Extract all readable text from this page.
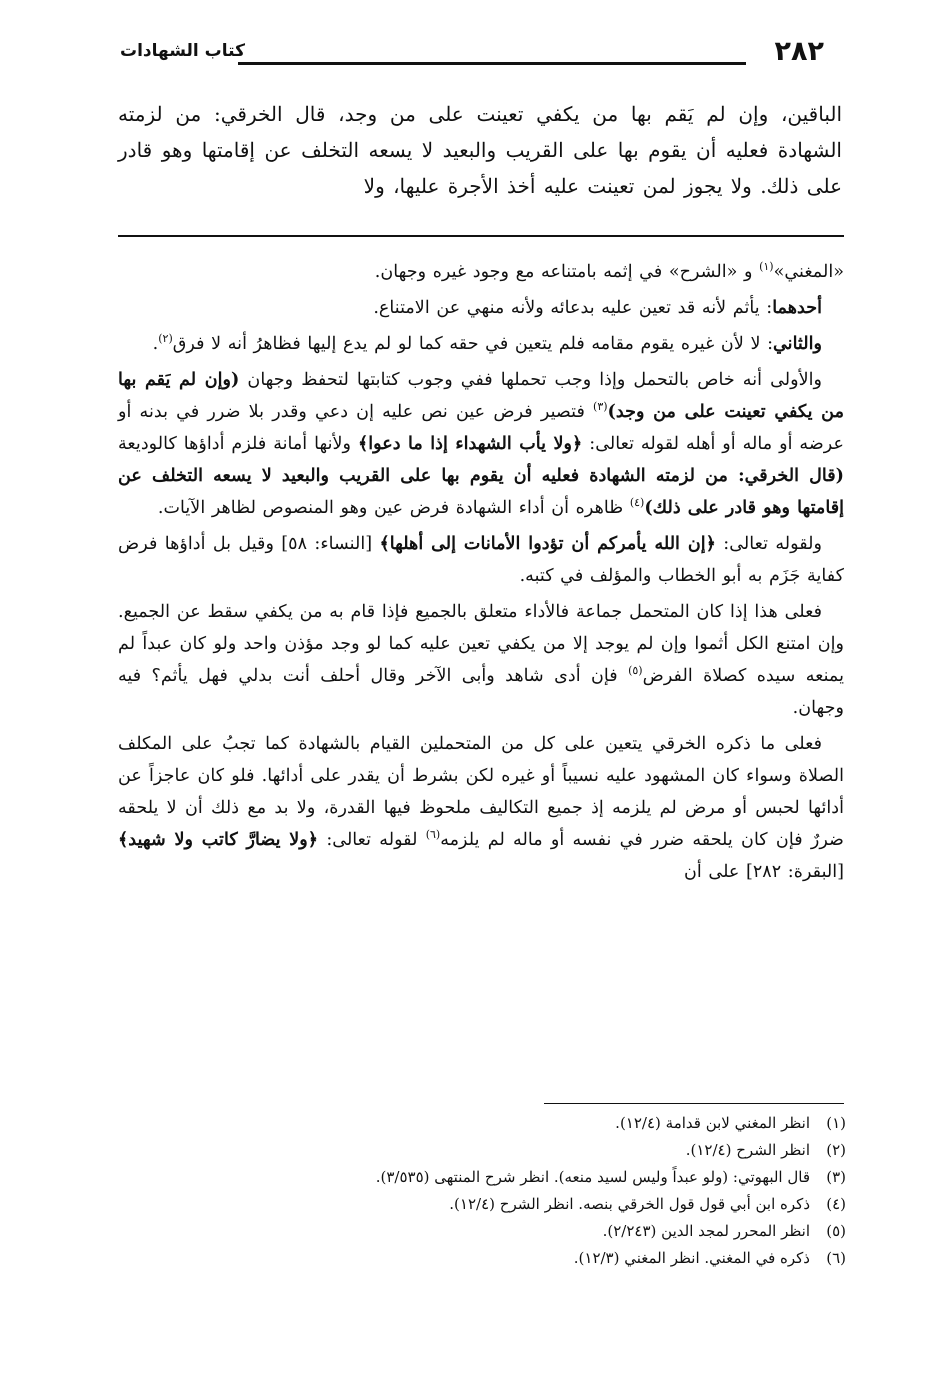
٢٨٢
كتاب الشهادات
الباقين، وإن لم يَقم بها من يكفي تعينت على من وجد، قال الخرقي: من لزمته الشهادة فعليه أن يقوم بها على القريب والبعيد لا يسعه التخلف عن إقامتها وهو قادر على ذلك. ولا يجوز لمن تعينت عليه أخذ الأجرة عليها، ولا

«المغني»$^{(١)}$ و «الشرح» في إثمه بامتناعه مع وجود غيره وجهان.

أحدهما: يأثم لأنه قد تعين عليه بدعائه ولأنه منهي عن الامتناع.

والثاني: لا لأن غيره يقوم مقامه فلم يتعين في حقه كما لو لم يدع إليها فظاهرُ أنه لا فرق$^{(٢)}$.

والأولى أنه خاص بالتحمل وإذا وجب تحملها ففي وجوب كتابتها لتحفظ وجهان (وإن لم يَقم بها من يكفي تعينت على من وجد)$^{(٣)}$ فتصير فرض عين نص عليه إن دعي وقدر بلا ضرر في بدنه أو عرضه أو ماله أو أهله لقوله تعالى: ﴿ولا يأب الشهداء إذا ما دعوا﴾ ولأنها أمانة فلزم أداؤها كالوديعة (قال الخرقي: من لزمته الشهادة فعليه أن يقوم بها على القريب والبعيد لا يسعه التخلف عن إقامتها وهو قادر على ذلك)$^{(٤)}$ ظاهره أن أداء الشهادة فرض عين وهو المنصوص لظاهر الآيات.

ولقوله تعالى: ﴿إن الله يأمركم أن تؤدوا الأمانات إلى أهلها﴾ [النساء: ٥٨] وقيل بل أداؤها فرض كفاية جَزَم به أبو الخطاب والمؤلف في كتبه.

فعلى هذا إذا كان المتحمل جماعة فالأداء متعلق بالجميع فإذا قام به من يكفي سقط عن الجميع. وإن امتنع الكل أثموا وإن لم يوجد إلا من يكفي تعين عليه كما لو وجد مؤذن واحد ولو كان عبداً لم يمنعه سيده كصلاة الفرض$^{(٥)}$ فإن أدى شاهد وأبى الآخر وقال أحلف أنت بدلي فهل يأثم؟ فيه وجهان.

فعلى ما ذكره الخرقي يتعين على كل من المتحملين القيام بالشهادة كما تجبُ على المكلف الصلاة وسواء كان المشهود عليه نسيباً أو غيره لكن بشرط أن يقدر على أدائها. فلو كان عاجزاً عن أدائها لحبس أو مرض لم يلزمه إذ جميع التكاليف ملحوظ فيها القدرة، ولا بد مع ذلك أن لا يلحقه ضررٌ فإن كان يلحقه ضرر في نفسه أو ماله لم يلزمه$^{(٦)}$ لقوله تعالى: ﴿ولا يضارَّ كاتب ولا شهيد﴾ [البقرة: ٢٨٢] على أن

(١)انظر المغني لابن قدامة (١٢/٤).
(٢)انظر الشرح (١٢/٤).
(٣)قال البهوتي: (ولو عبداً وليس لسيد منعه). انظر شرح المنتهى (٣/٥٣٥).
(٤)ذكره ابن أبي قول قول الخرقي بنصه. انظر الشرح (١٢/٤).
(٥)انظر المحرر لمجد الدين (٢/٢٤٣).
(٦)ذكره في المغني. انظر المغني (١٢/٣).
